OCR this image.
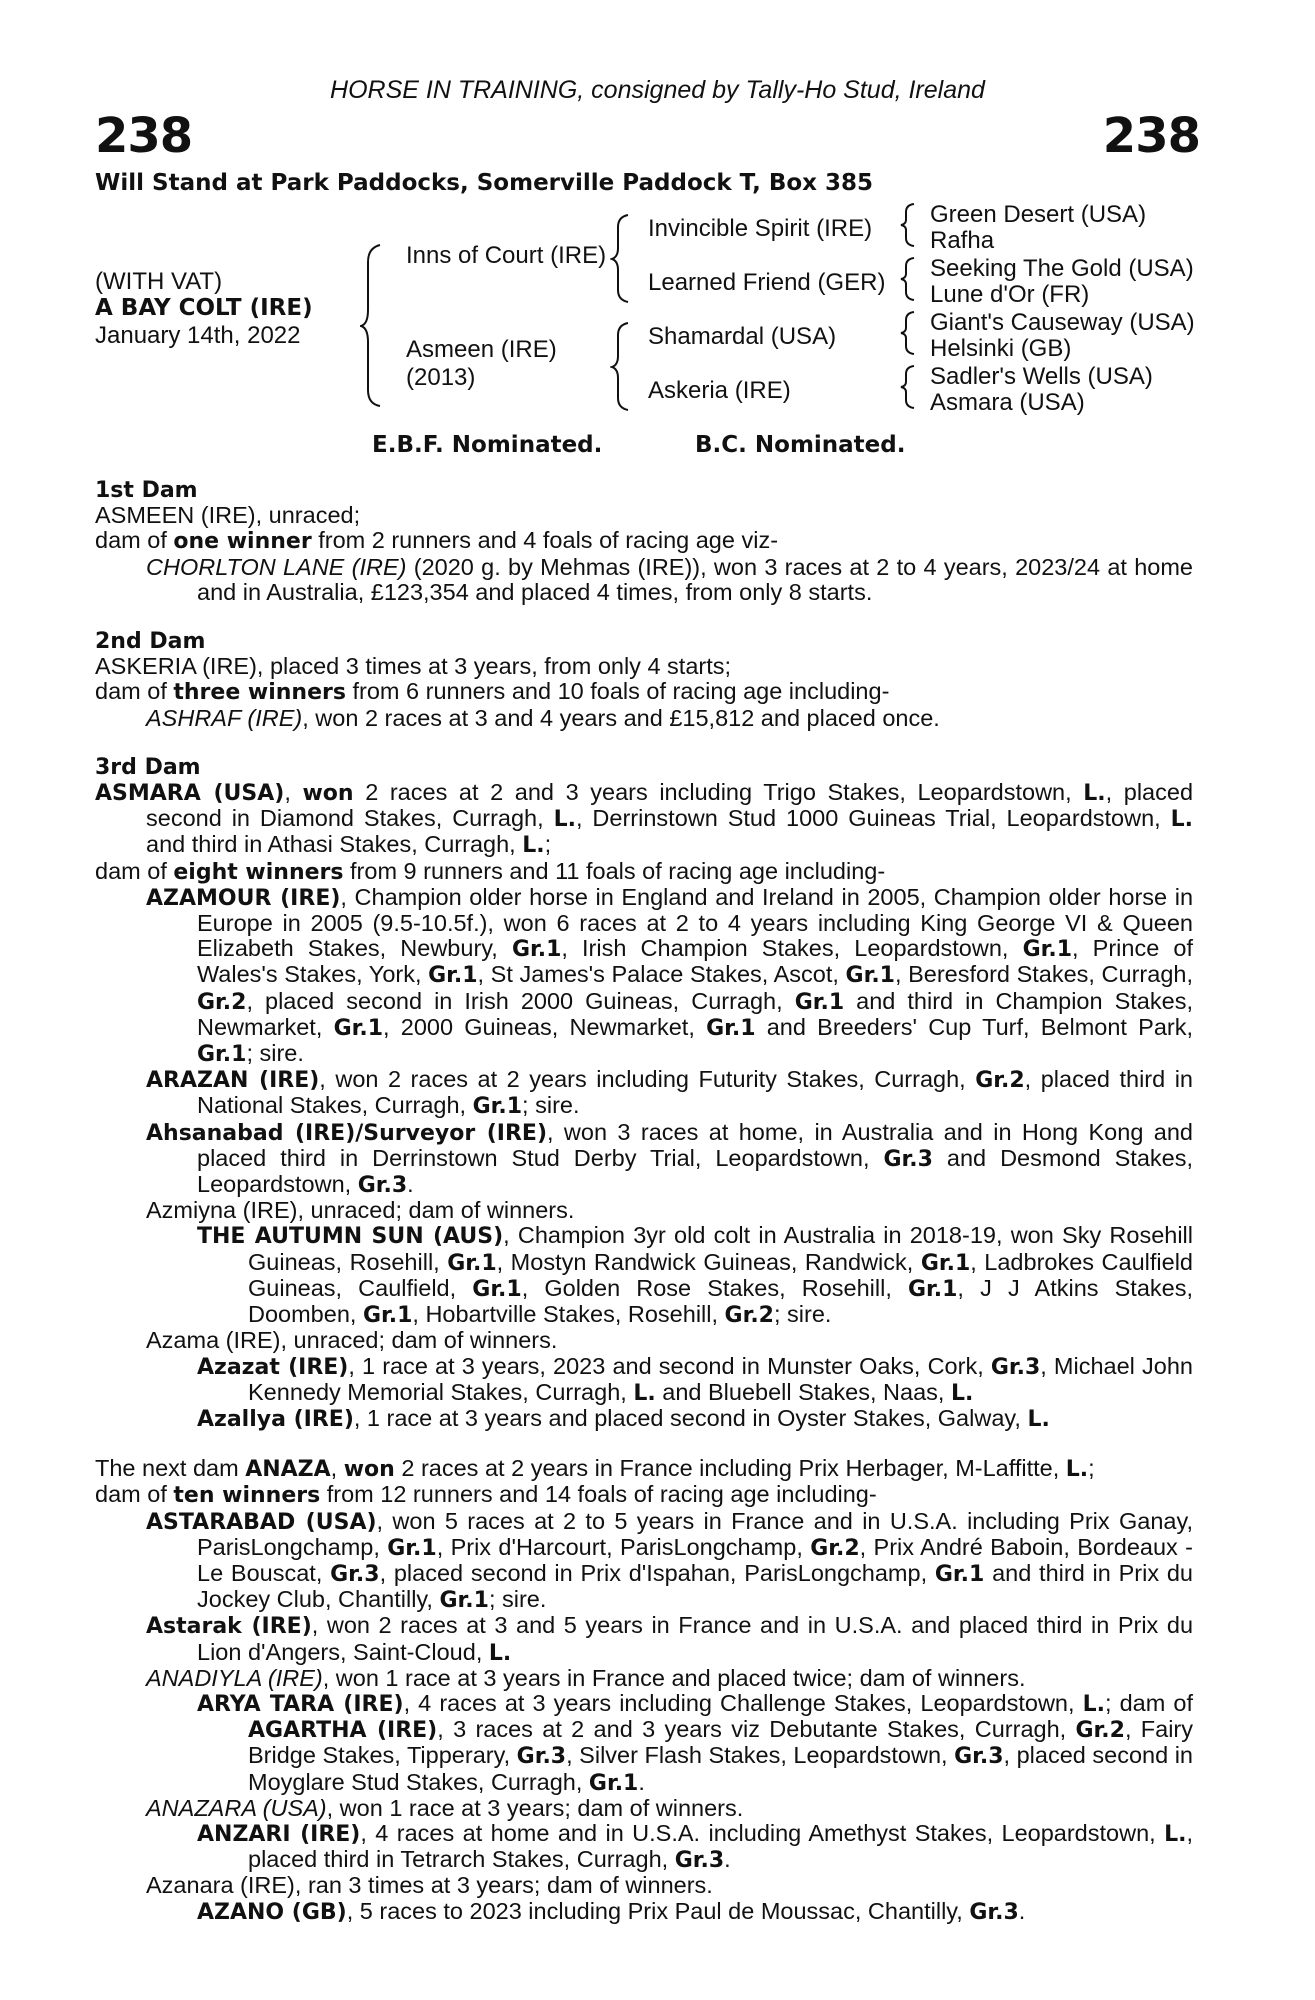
HORSE IN TRAINING, consigned by Tally-Ho Stud, Ireland
238	238
Will Stand at Park Paddocks, Somerville Paddock T, Box 385
(WITH VAT)
A BAY COLT (IRE)
January 14th, 2022
Inns of Court (IRE)
Asmeen (IRE)
(2013)
Invincible Spirit (IRE)
Learned Friend (GER)
Shamardal (USA)
Askeria (IRE)
Green Desert (USA)
Rafha
Seeking The Gold (USA)
Lune d'Or (FR)
Giant's Causeway (USA)
Helsinki (GB)
Sadler's Wells (USA)
Asmara (USA)
E.B.F. Nominated.	B.C. Nominated.
1st Dam

ASMEEN (IRE), unraced;

dam of one winner from 2 runners and 4 foals of racing age viz-

CHORLTON LANE (IRE) (2020 g. by Mehmas (IRE)), won 3 races at 2 to 4 years, 2023/24 at home and in Australia, £123,354 and placed 4 times, from only 8 starts.

2nd Dam

ASKERIA (IRE), placed 3 times at 3 years, from only 4 starts;

dam of three winners from 6 runners and 10 foals of racing age including-

ASHRAF (IRE), won 2 races at 3 and 4 years and £15,812 and placed once.

3rd Dam

ASMARA (USA), won 2 races at 2 and 3 years including Trigo Stakes, Leopardstown, L., placed second in Diamond Stakes, Curragh, L., Derrinstown Stud 1000 Guineas Trial, Leopardstown, L. and third in Athasi Stakes, Curragh, L.;

dam of eight winners from 9 runners and 11 foals of racing age including-

AZAMOUR (IRE), Champion older horse in England and Ireland in 2005, Champion older horse in Europe in 2005 (9.5-10.5f.), won 6 races at 2 to 4 years including King George VI & Queen Elizabeth Stakes, Newbury, Gr.1, Irish Champion Stakes, Leopardstown, Gr.1, Prince of Wales's Stakes, York, Gr.1, St James's Palace Stakes, Ascot, Gr.1, Beresford Stakes, Curragh, Gr.2, placed second in Irish 2000 Guineas, Curragh, Gr.1 and third in Champion Stakes, Newmarket, Gr.1, 2000 Guineas, Newmarket, Gr.1 and Breeders' Cup Turf, Belmont Park, Gr.1; sire.

ARAZAN (IRE), won 2 races at 2 years including Futurity Stakes, Curragh, Gr.2, placed third in National Stakes, Curragh, Gr.1; sire.

Ahsanabad (IRE)/Surveyor (IRE), won 3 races at home, in Australia and in Hong Kong and placed third in Derrinstown Stud Derby Trial, Leopardstown, Gr.3 and Desmond Stakes, Leopardstown, Gr.3.

Azmiyna (IRE), unraced; dam of winners.

THE AUTUMN SUN (AUS), Champion 3yr old colt in Australia in 2018-19, won Sky Rosehill Guineas, Rosehill, Gr.1, Mostyn Randwick Guineas, Randwick, Gr.1, Ladbrokes Caulfield Guineas, Caulfield, Gr.1, Golden Rose Stakes, Rosehill, Gr.1, J J Atkins Stakes, Doomben, Gr.1, Hobartville Stakes, Rosehill, Gr.2; sire.

Azama (IRE), unraced; dam of winners.

Azazat (IRE), 1 race at 3 years, 2023 and second in Munster Oaks, Cork, Gr.3, Michael John Kennedy Memorial Stakes, Curragh, L. and Bluebell Stakes, Naas, L.

Azallya (IRE), 1 race at 3 years and placed second in Oyster Stakes, Galway, L.

The next dam ANAZA, won 2 races at 2 years in France including Prix Herbager, M-Laffitte, L.;

dam of ten winners from 12 runners and 14 foals of racing age including-

ASTARABAD (USA), won 5 races at 2 to 5 years in France and in U.S.A. including Prix Ganay, ParisLongchamp, Gr.1, Prix d'Harcourt, ParisLongchamp, Gr.2, Prix André Baboin, Bordeaux - Le Bouscat, Gr.3, placed second in Prix d'Ispahan, ParisLongchamp, Gr.1 and third in Prix du Jockey Club, Chantilly, Gr.1; sire.

Astarak (IRE), won 2 races at 3 and 5 years in France and in U.S.A. and placed third in Prix du Lion d'Angers, Saint-Cloud, L.

ANADIYLA (IRE), won 1 race at 3 years in France and placed twice; dam of winners.

ARYA TARA (IRE), 4 races at 3 years including Challenge Stakes, Leopardstown, L.; dam of AGARTHA (IRE), 3 races at 2 and 3 years viz Debutante Stakes, Curragh, Gr.2, Fairy Bridge Stakes, Tipperary, Gr.3, Silver Flash Stakes, Leopardstown, Gr.3, placed second in Moyglare Stud Stakes, Curragh, Gr.1.

ANAZARA (USA), won 1 race at 3 years; dam of winners.

ANZARI (IRE), 4 races at home and in U.S.A. including Amethyst Stakes, Leopardstown, L., placed third in Tetrarch Stakes, Curragh, Gr.3.

Azanara (IRE), ran 3 times at 3 years; dam of winners.

AZANO (GB), 5 races to 2023 including Prix Paul de Moussac, Chantilly, Gr.3.
